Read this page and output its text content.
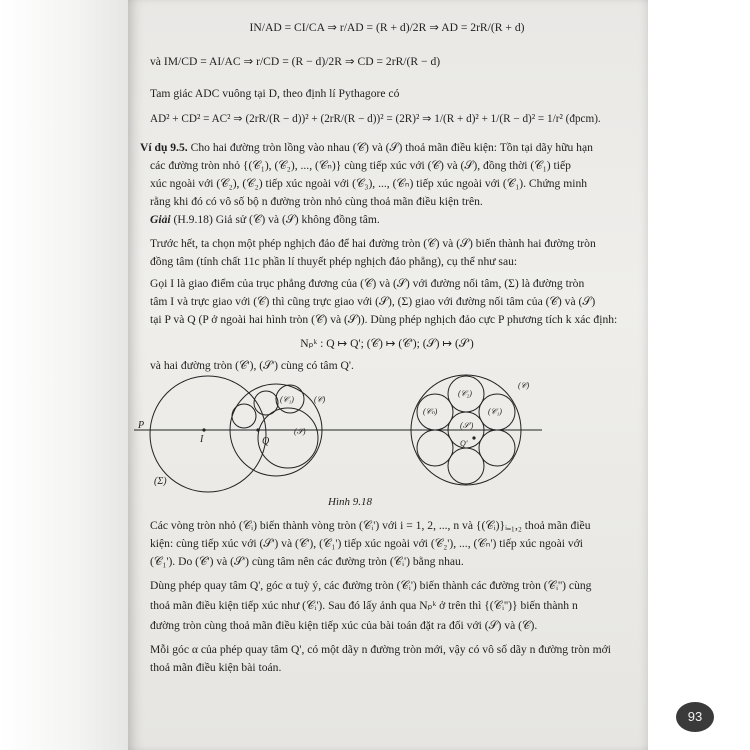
IN/AD = CI/CA ⇒ r/AD = (R + d)/2R ⇒ AD = 2rR/(R + d)
và IM/CD = AI/AC ⇒ r/CD = (R − d)/2R ⇒ CD = 2rR/(R − d)
Tam giác ADC vuông tại D, theo định lí Pythagore có
AD² + CD² = AC² ⇒ (2rR/(R − d))² + (2rR/(R − d))² = (2R)² ⇒ 1/(R + d)² + 1/(R − d)² = 1/r² (đpcm).
Ví dụ 9.5. Cho hai đường tròn lồng vào nhau (𝒞) và (𝒮) thoả mãn điều kiện: Tồn tại dãy hữu hạn
các đường tròn nhỏ {(𝒞₁), (𝒞₂), ..., (𝒞ₙ)} cùng tiếp xúc với (𝒞) và (𝒮), đồng thời (𝒞₁) tiếp
xúc ngoài với (𝒞₂), (𝒞₂) tiếp xúc ngoài với (𝒞₃), ..., (𝒞ₙ) tiếp xúc ngoài với (𝒞₁). Chứng minh
rằng khi đó có vô số bộ n đường tròn nhỏ cùng thoả mãn điều kiện trên.
Giải (H.9.18) Giả sử (𝒞) và (𝒮) không đồng tâm.
Trước hết, ta chọn một phép nghịch đảo để hai đường tròn (𝒞) và (𝒮) biến thành hai đường tròn
đồng tâm (tính chất 11c phần lí thuyết phép nghịch đảo phẳng), cụ thể như sau:
Gọi I là giao điểm của trục phẳng đương của (𝒞) và (𝒮) với đường nối tâm, (Σ) là đường tròn
tâm I và trực giao với (𝒞) thì cũng trực giao với (𝒮), (Σ) giao với đường nối tâm của (𝒞) và (𝒮)
tại P và Q (P ở ngoài hai hình tròn (𝒞) và (𝒮)). Dùng phép nghịch đảo cực P phương tích k xác định:
Nₚᵏ : Q ↦ Q'; (𝒞) ↦ (𝒞'); (𝒮) ↦ (𝒮')
và hai đường tròn (𝒞'), (𝒮') cùng có tâm Q'.
P
I	Q
(Σ)
(𝒞₁)	(𝒞)
(𝒮)
(𝒞₂)
(𝒞₁)
(𝒞)
(𝒞ₙ)
(𝒮')
Q'
Hình 9.18
Các vòng tròn nhỏ (𝒞ᵢ) biến thành vòng tròn (𝒞ᵢ') với i = 1, 2, ..., n và {(𝒞ᵢ)}ᵢ₌₁,₂ thoả mãn điều
kiện: cùng tiếp xúc với (𝒮') và (𝒞'), (𝒞₁') tiếp xúc ngoài với (𝒞₂'), ..., (𝒞ₙ') tiếp xúc ngoài với
(𝒞₁'). Do (𝒞') và (𝒮') cùng tâm nên các đường tròn (𝒞ᵢ') bằng nhau.
Dùng phép quay tâm Q', góc α tuỳ ý, các đường tròn (𝒞ᵢ') biến thành các đường tròn (𝒞ᵢ'') cùng
thoả mãn điều kiện tiếp xúc như (𝒞ᵢ'). Sau đó lấy ảnh qua Nₚᵏ ở trên thì {(𝒞ᵢ'')} biến thành n
đường tròn cùng thoả mãn điều kiện tiếp xúc của bài toán đặt ra đối với (𝒮) và (𝒞).
Mỗi góc α của phép quay tâm Q', có một dãy n đường tròn mới, vậy có vô số dãy n đường tròn mới
thoả mãn điều kiện bài toán.
93
